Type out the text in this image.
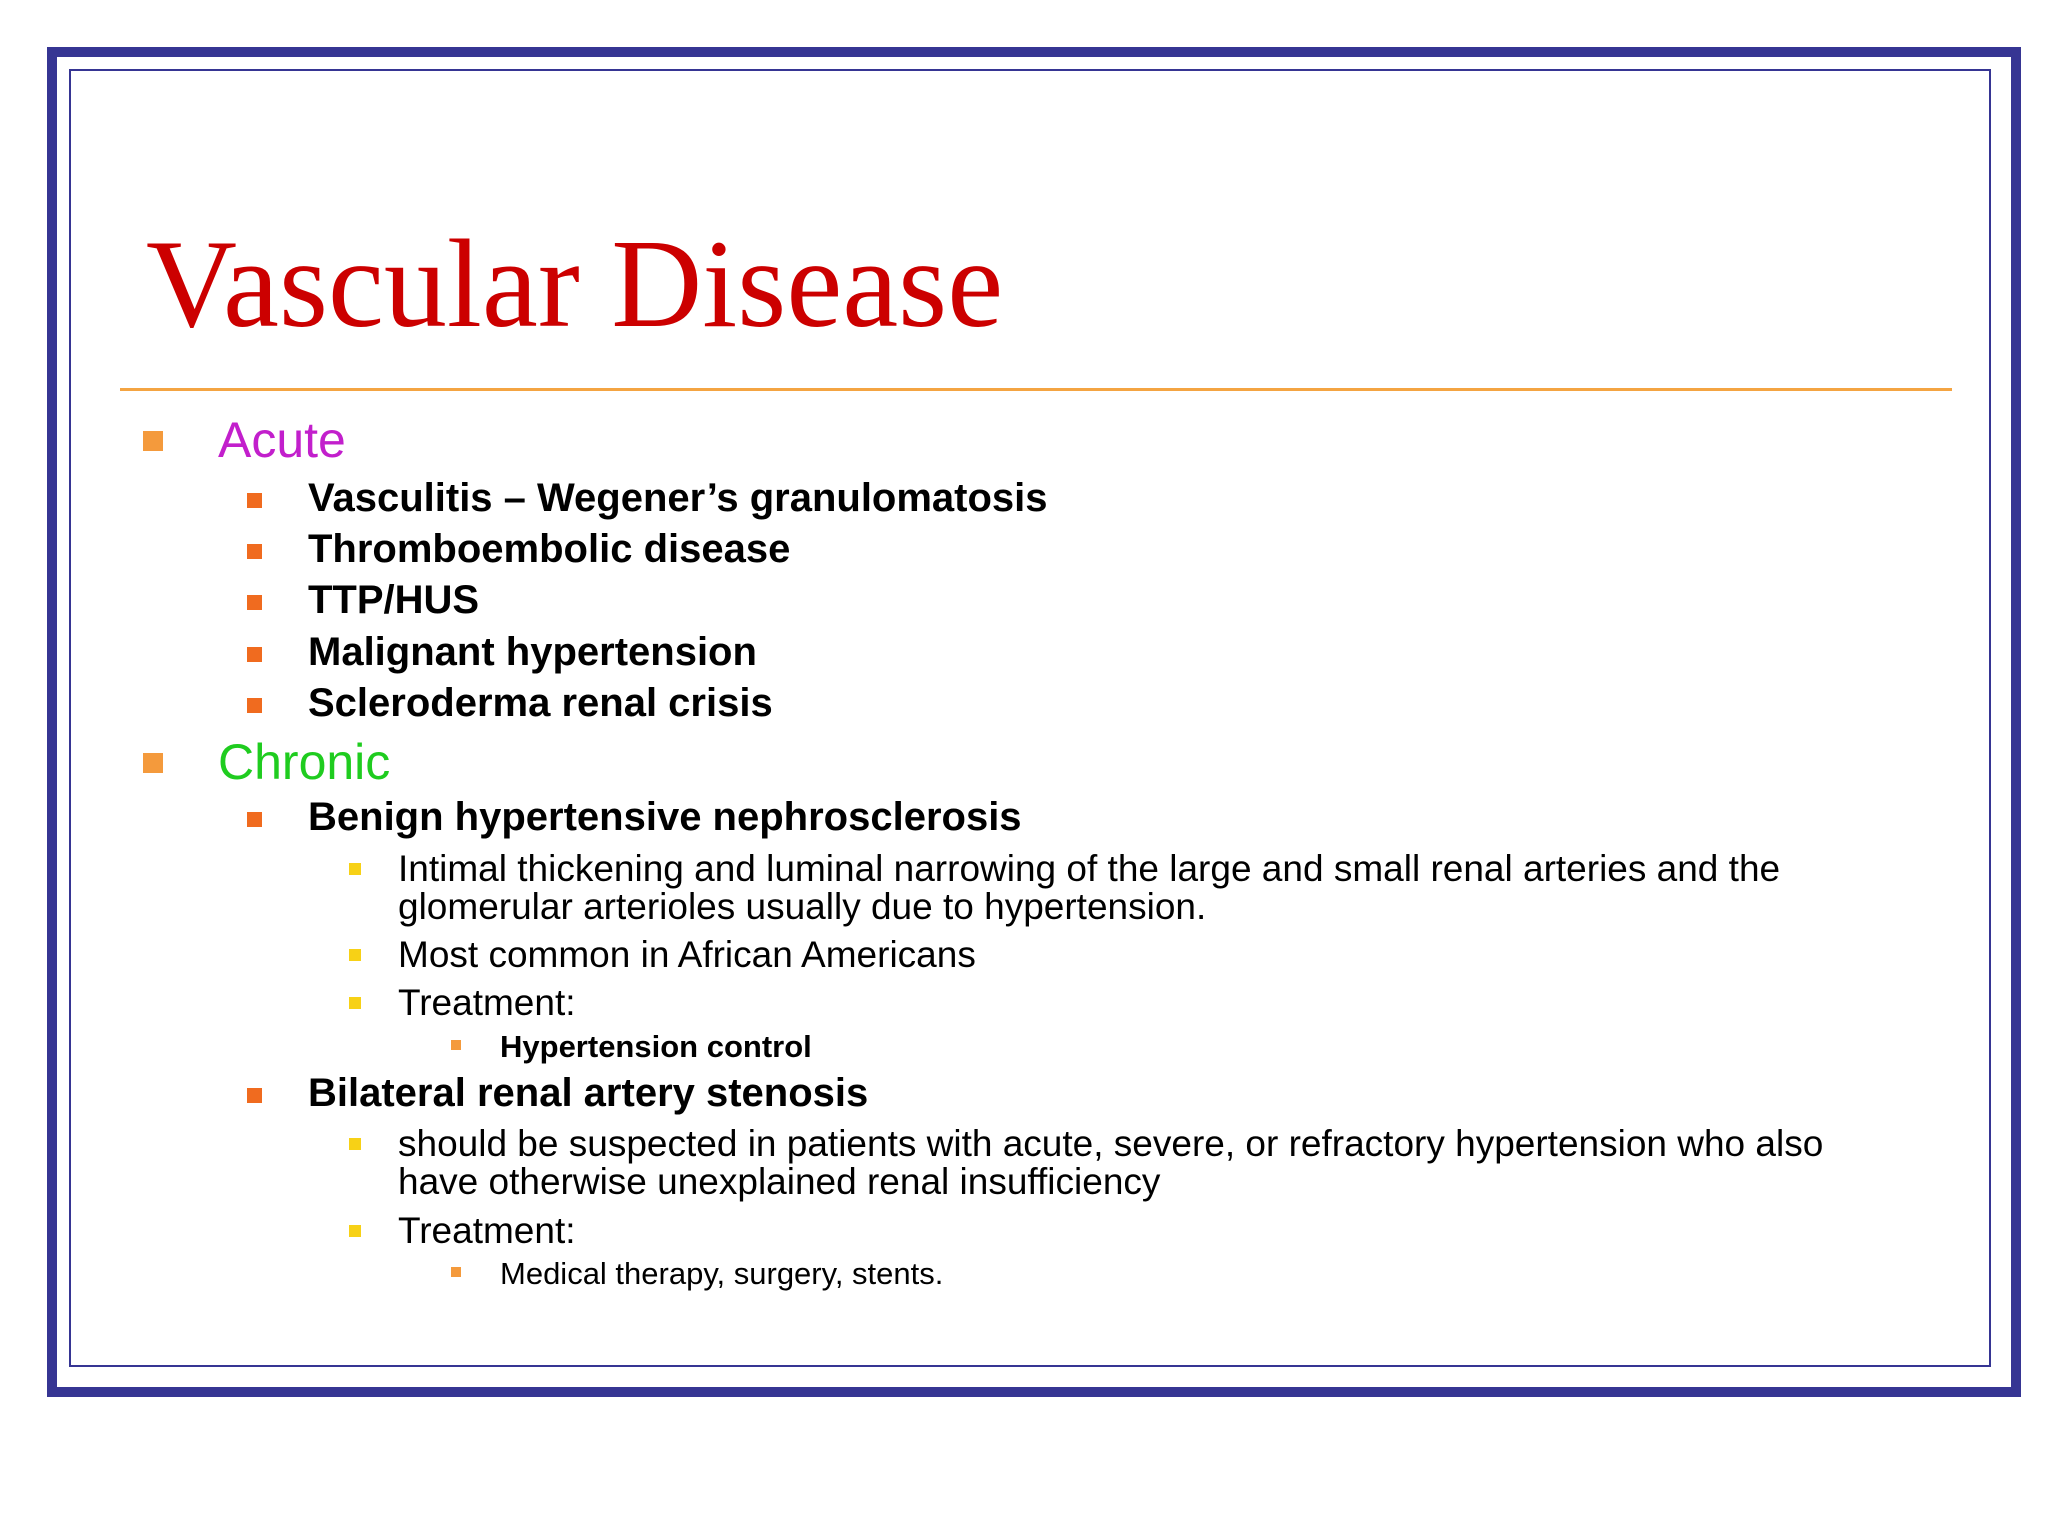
Vascular Disease
Acute
Vasculitis – Wegener’s granulomatosis
Thromboembolic disease
TTP/HUS
Malignant hypertension
Scleroderma renal crisis
Chronic
Benign hypertensive nephrosclerosis
Intimal thickening and luminal narrowing of the large and small renal arteries and the
glomerular arterioles usually due to hypertension.
Most common in African Americans
Treatment:
Hypertension control
Bilateral renal artery stenosis
should be suspected in patients with acute, severe, or refractory hypertension who also
have otherwise unexplained renal insufficiency
Treatment:
Medical therapy, surgery, stents.
